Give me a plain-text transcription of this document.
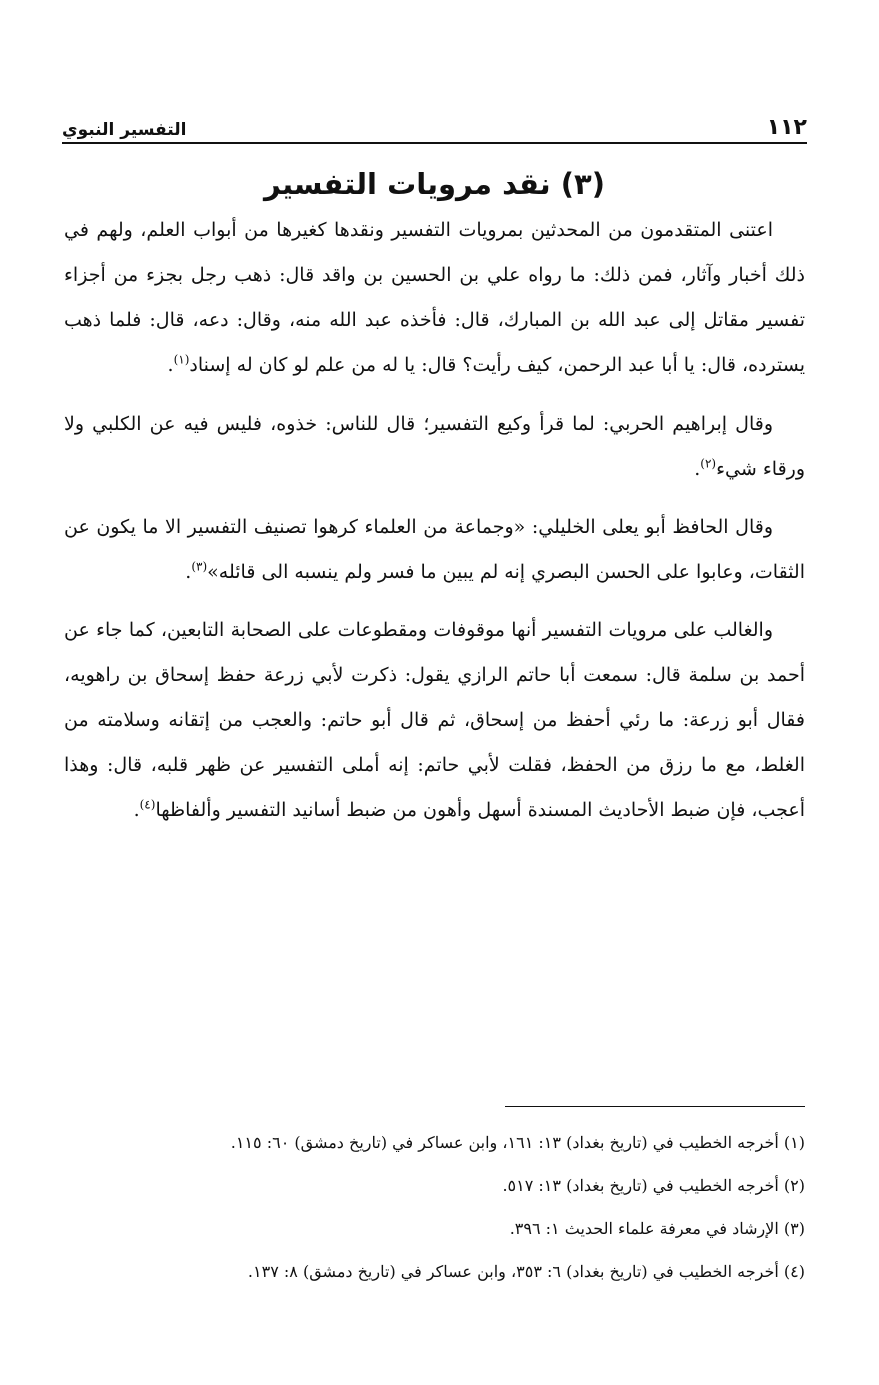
١١٢
التفسير النبوي
(٣) نقد مرويات التفسير

اعتنى المتقدمون من المحدثين بمرويات التفسير ونقدها كغيرها من أبواب العلم، ولهم في ذلك أخبار وآثار، فمن ذلك: ما رواه علي بن الحسين بن واقد قال: ذهب رجل بجزء من أجزاء تفسير مقاتل إلى عبد الله بن المبارك، قال: فأخذه عبد الله منه، وقال: دعه، قال: فلما ذهب يسترده، قال: يا أبا عبد الرحمن، كيف رأيت؟ قال: يا له من علم لو كان له إسناد$^{(١)}$.

وقال إبراهيم الحربي: لما قرأ وكيع التفسير؛ قال للناس: خذوه، فليس فيه عن الكلبي ولا ورقاء شيء$^{(٢)}$.

وقال الحافظ أبو يعلى الخليلي: «وجماعة من العلماء كرهوا تصنيف التفسير الا ما يكون عن الثقات، وعابوا على الحسن البصري إنه لم يبين ما فسر ولم ينسبه الى قائله»$^{(٣)}$.

والغالب على مرويات التفسير أنها موقوفات ومقطوعات على الصحابة التابعين، كما جاء عن أحمد بن سلمة قال: سمعت أبا حاتم الرازي يقول: ذكرت لأبي زرعة حفظ إسحاق بن راهويه، فقال أبو زرعة: ما رئي أحفظ من إسحاق، ثم قال أبو حاتم: والعجب من إتقانه وسلامته من الغلط، مع ما رزق من الحفظ، فقلت لأبي حاتم: إنه أملى التفسير عن ظهر قلبه، قال: وهذا أعجب، فإن ضبط الأحاديث المسندة أسهل وأهون من ضبط أسانيد التفسير وألفاظها$^{(٤)}$.

(١) أخرجه الخطيب في (تاريخ بغداد) ١٣: ١٦١، وابن عساكر في (تاريخ دمشق) ٦٠: ١١٥.
(٢) أخرجه الخطيب في (تاريخ بغداد) ١٣: ٥١٧.
(٣) الإرشاد في معرفة علماء الحديث ١: ٣٩٦.
(٤) أخرجه الخطيب في (تاريخ بغداد) ٦: ٣٥٣، وابن عساكر في (تاريخ دمشق) ٨: ١٣٧.
